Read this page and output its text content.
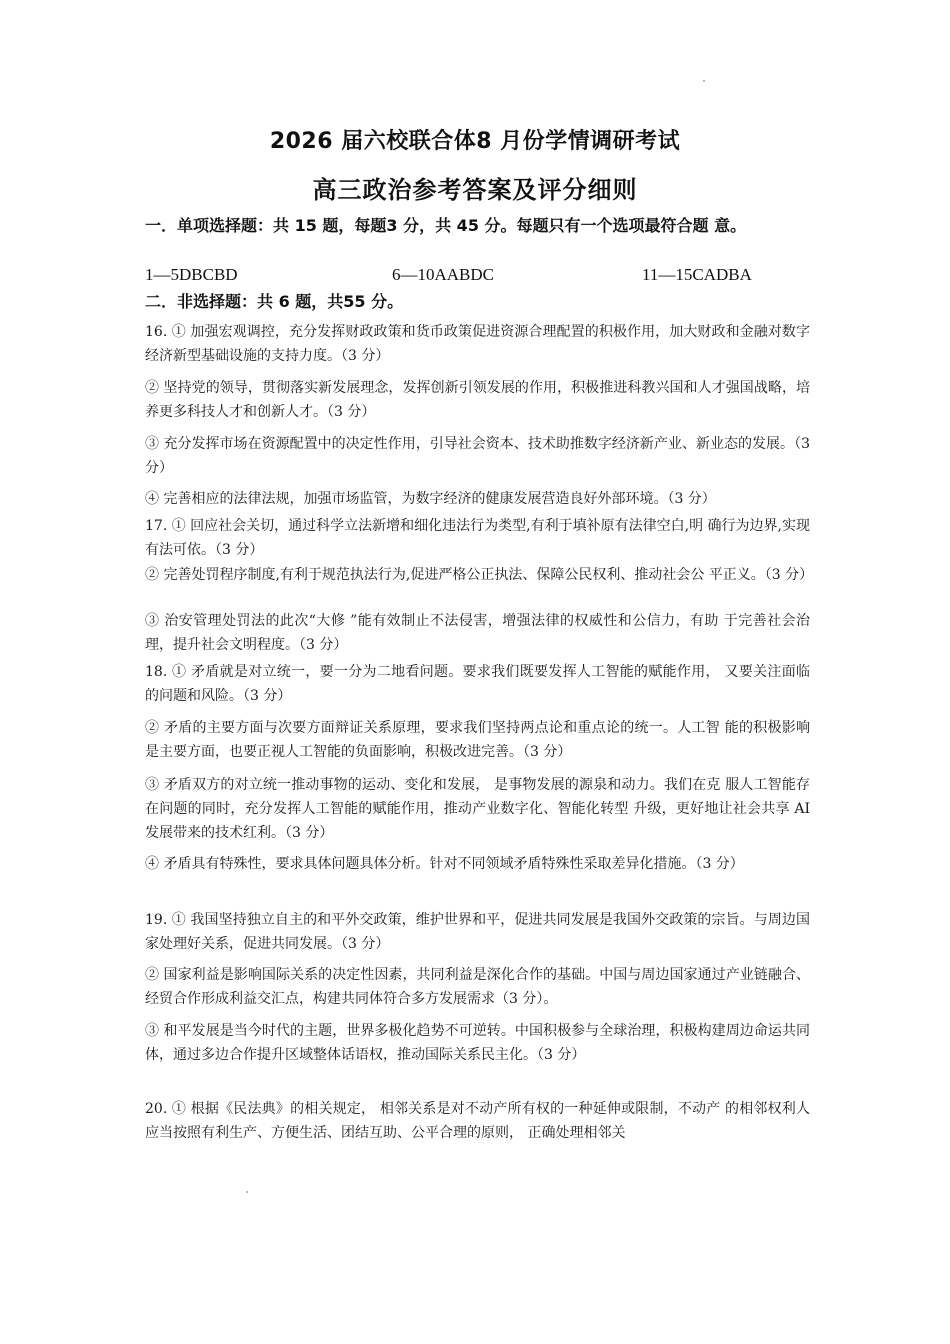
2026 届六校联合体8 月份学情调研考试
高三政治参考答案及评分细则
一．单项选择题：共 15 题，每题3 分，共 45 分。每题只有一个选项最符合题 意。
1—5DBCBD	6—10AABDC	11—15CADBA
二．非选择题：共 6 题，共55 分。
16. ① 加强宏观调控，充分发挥财政政策和货币政策促进资源合理配置的积极作用，加大财政和金融对数字经济新型基础设施的支持力度。（3 分）
② 坚持党的领导，贯彻落实新发展理念，发挥创新引领发展的作用，积极推进科教兴国和人才强国战略，培养更多科技人才和创新人才。（3 分）
③ 充分发挥市场在资源配置中的决定性作用，引导社会资本、技术助推数字经济新产业、新业态的发展。（3 分）
④ 完善相应的法律法规，加强市场监管，为数字经济的健康发展营造良好外部环境。（3 分）
17. ① 回应社会关切，通过科学立法新增和细化违法行为类型,有利于填补原有法律空白,明 确行为边界,实现有法可依。（3 分）
② 完善处罚程序制度,有利于规范执法行为,促进严格公正执法、保障公民权利、推动社会公 平正义。（3 分）
③ 治安管理处罚法的此次“大修 ”能有效制止不法侵害，增强法律的权威性和公信力，有助 于完善社会治理，提升社会文明程度。（3 分）
18. ① 矛盾就是对立统一，要一分为二地看问题。要求我们既要发挥人工智能的赋能作用， 又要关注面临的问题和风险。（3 分）
② 矛盾的主要方面与次要方面辩证关系原理，要求我们坚持两点论和重点论的统一。人工智 能的积极影响是主要方面，也要正视人工智能的负面影响，积极改进完善。（3 分）
③ 矛盾双方的对立统一推动事物的运动、变化和发展， 是事物发展的源泉和动力。我们在克 服人工智能存在问题的同时，充分发挥人工智能的赋能作用，推动产业数字化、智能化转型 升级，更好地让社会共享 AI 发展带来的技术红利。（3 分）
④ 矛盾具有特殊性，要求具体问题具体分析。针对不同领域矛盾特殊性采取差异化措施。（3 分）
19. ① 我国坚持独立自主的和平外交政策，维护世界和平，促进共同发展是我国外交政策的宗旨。与周边国家处理好关系，促进共同发展。（3 分）
② 国家利益是影响国际关系的决定性因素，共同利益是深化合作的基础。中国与周边国家通过产业链融合、经贸合作形成利益交汇点，构建共同体符合多方发展需求（3 分）。
③ 和平发展是当今时代的主题，世界多极化趋势不可逆转。中国积极参与全球治理，积极构建周边命运共同体，通过多边合作提升区域整体话语权，推动国际关系民主化。（3 分）
20. ① 根据《民法典》的相关规定， 相邻关系是对不动产所有权的一种延伸或限制，不动产 的相邻权利人应当按照有利生产、方便生活、团结互助、公平合理的原则， 正确处理相邻关
